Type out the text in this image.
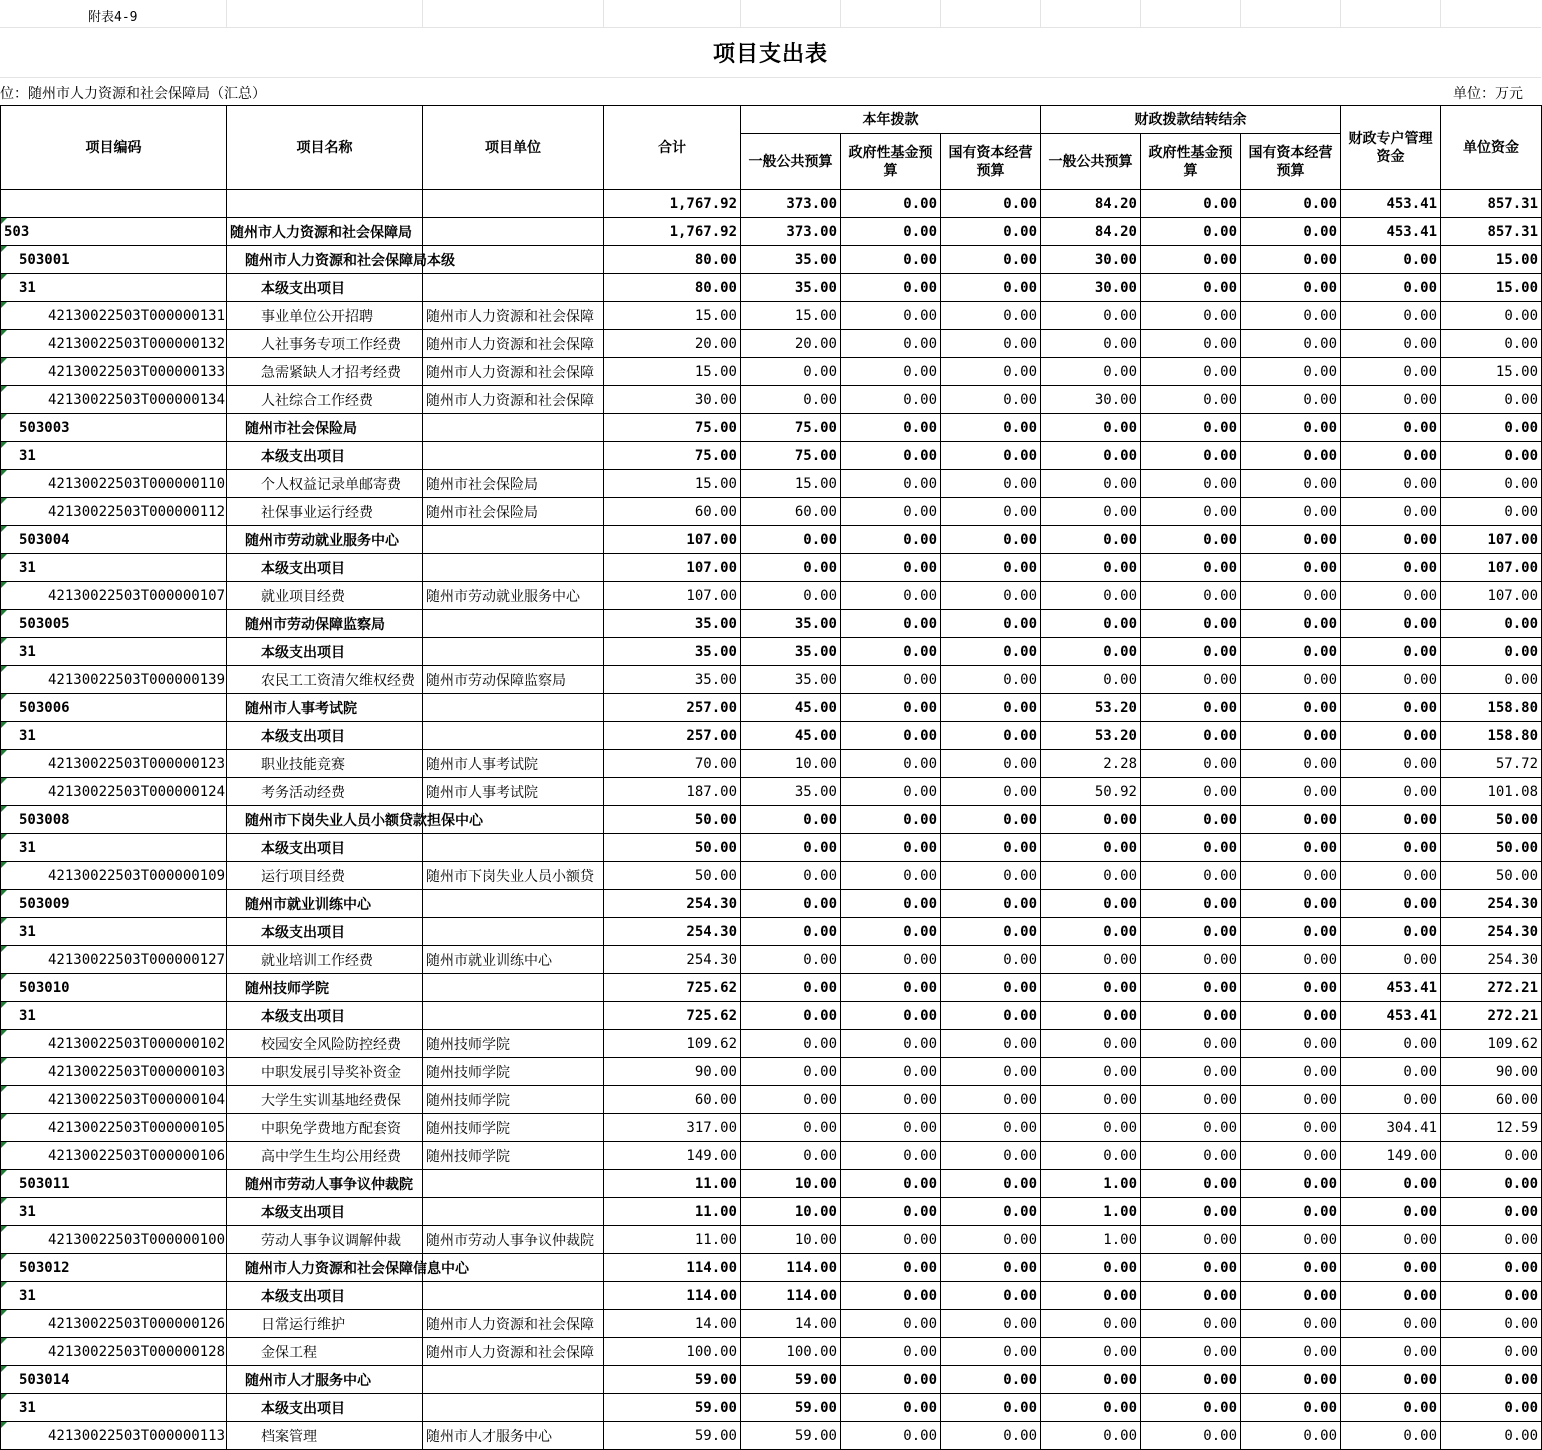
附表4-9
项目支出表
位：随州市人力资源和社会保障局（汇总）	单位：万元
项目编码	项目名称	项目单位	合计	本年拨款			财政拨款结转结余			财政专户管理资金	单位资金
				一般公共预算	政府性基金预算	国有资本经营预算	一般公共预算	政府性基金预算	国有资本经营预算		
			1,767.92	373.00	0.00	0.00	84.20	0.00	0.00	453.41	857.31
503	随州市人力资源和社会保障局		1,767.92	373.00	0.00	0.00	84.20	0.00	0.00	453.41	857.31
503001	随州市人力资源和社会保障局本级		80.00	35.00	0.00	0.00	30.00	0.00	0.00	0.00	15.00
31	本级支出项目		80.00	35.00	0.00	0.00	30.00	0.00	0.00	0.00	15.00
42130022503T000000131	事业单位公开招聘	随州市人力资源和社会保障	15.00	15.00	0.00	0.00	0.00	0.00	0.00	0.00	0.00
42130022503T000000132	人社事务专项工作经费	随州市人力资源和社会保障	20.00	20.00	0.00	0.00	0.00	0.00	0.00	0.00	0.00
42130022503T000000133	急需紧缺人才招考经费	随州市人力资源和社会保障	15.00	0.00	0.00	0.00	0.00	0.00	0.00	0.00	15.00
42130022503T000000134	人社综合工作经费	随州市人力资源和社会保障	30.00	0.00	0.00	0.00	30.00	0.00	0.00	0.00	0.00
503003	随州市社会保险局		75.00	75.00	0.00	0.00	0.00	0.00	0.00	0.00	0.00
31	本级支出项目		75.00	75.00	0.00	0.00	0.00	0.00	0.00	0.00	0.00
42130022503T000000110	个人权益记录单邮寄费	随州市社会保险局	15.00	15.00	0.00	0.00	0.00	0.00	0.00	0.00	0.00
42130022503T000000112	社保事业运行经费	随州市社会保险局	60.00	60.00	0.00	0.00	0.00	0.00	0.00	0.00	0.00
503004	随州市劳动就业服务中心		107.00	0.00	0.00	0.00	0.00	0.00	0.00	0.00	107.00
31	本级支出项目		107.00	0.00	0.00	0.00	0.00	0.00	0.00	0.00	107.00
42130022503T000000107	就业项目经费	随州市劳动就业服务中心	107.00	0.00	0.00	0.00	0.00	0.00	0.00	0.00	107.00
503005	随州市劳动保障监察局		35.00	35.00	0.00	0.00	0.00	0.00	0.00	0.00	0.00
31	本级支出项目		35.00	35.00	0.00	0.00	0.00	0.00	0.00	0.00	0.00
42130022503T000000139	农民工工资清欠维权经费	随州市劳动保障监察局	35.00	35.00	0.00	0.00	0.00	0.00	0.00	0.00	0.00
503006	随州市人事考试院		257.00	45.00	0.00	0.00	53.20	0.00	0.00	0.00	158.80
31	本级支出项目		257.00	45.00	0.00	0.00	53.20	0.00	0.00	0.00	158.80
42130022503T000000123	职业技能竞赛	随州市人事考试院	70.00	10.00	0.00	0.00	2.28	0.00	0.00	0.00	57.72
42130022503T000000124	考务活动经费	随州市人事考试院	187.00	35.00	0.00	0.00	50.92	0.00	0.00	0.00	101.08
503008	随州市下岗失业人员小额贷款担保中心		50.00	0.00	0.00	0.00	0.00	0.00	0.00	0.00	50.00
31	本级支出项目		50.00	0.00	0.00	0.00	0.00	0.00	0.00	0.00	50.00
42130022503T000000109	运行项目经费	随州市下岗失业人员小额贷	50.00	0.00	0.00	0.00	0.00	0.00	0.00	0.00	50.00
503009	随州市就业训练中心		254.30	0.00	0.00	0.00	0.00	0.00	0.00	0.00	254.30
31	本级支出项目		254.30	0.00	0.00	0.00	0.00	0.00	0.00	0.00	254.30
42130022503T000000127	就业培训工作经费	随州市就业训练中心	254.30	0.00	0.00	0.00	0.00	0.00	0.00	0.00	254.30
503010	随州技师学院		725.62	0.00	0.00	0.00	0.00	0.00	0.00	453.41	272.21
31	本级支出项目		725.62	0.00	0.00	0.00	0.00	0.00	0.00	453.41	272.21
42130022503T000000102	校园安全风险防控经费	随州技师学院	109.62	0.00	0.00	0.00	0.00	0.00	0.00	0.00	109.62
42130022503T000000103	中职发展引导奖补资金	随州技师学院	90.00	0.00	0.00	0.00	0.00	0.00	0.00	0.00	90.00
42130022503T000000104	大学生实训基地经费保	随州技师学院	60.00	0.00	0.00	0.00	0.00	0.00	0.00	0.00	60.00
42130022503T000000105	中职免学费地方配套资	随州技师学院	317.00	0.00	0.00	0.00	0.00	0.00	0.00	304.41	12.59
42130022503T000000106	高中学生生均公用经费	随州技师学院	149.00	0.00	0.00	0.00	0.00	0.00	0.00	149.00	0.00
503011	随州市劳动人事争议仲裁院		11.00	10.00	0.00	0.00	1.00	0.00	0.00	0.00	0.00
31	本级支出项目		11.00	10.00	0.00	0.00	1.00	0.00	0.00	0.00	0.00
42130022503T000000100	劳动人事争议调解仲裁	随州市劳动人事争议仲裁院	11.00	10.00	0.00	0.00	1.00	0.00	0.00	0.00	0.00
503012	随州市人力资源和社会保障信息中心		114.00	114.00	0.00	0.00	0.00	0.00	0.00	0.00	0.00
31	本级支出项目		114.00	114.00	0.00	0.00	0.00	0.00	0.00	0.00	0.00
42130022503T000000126	日常运行维护	随州市人力资源和社会保障	14.00	14.00	0.00	0.00	0.00	0.00	0.00	0.00	0.00
42130022503T000000128	金保工程	随州市人力资源和社会保障	100.00	100.00	0.00	0.00	0.00	0.00	0.00	0.00	0.00
503014	随州市人才服务中心		59.00	59.00	0.00	0.00	0.00	0.00	0.00	0.00	0.00
31	本级支出项目		59.00	59.00	0.00	0.00	0.00	0.00	0.00	0.00	0.00
42130022503T000000113	档案管理	随州市人才服务中心	59.00	59.00	0.00	0.00	0.00	0.00	0.00	0.00	0.00
